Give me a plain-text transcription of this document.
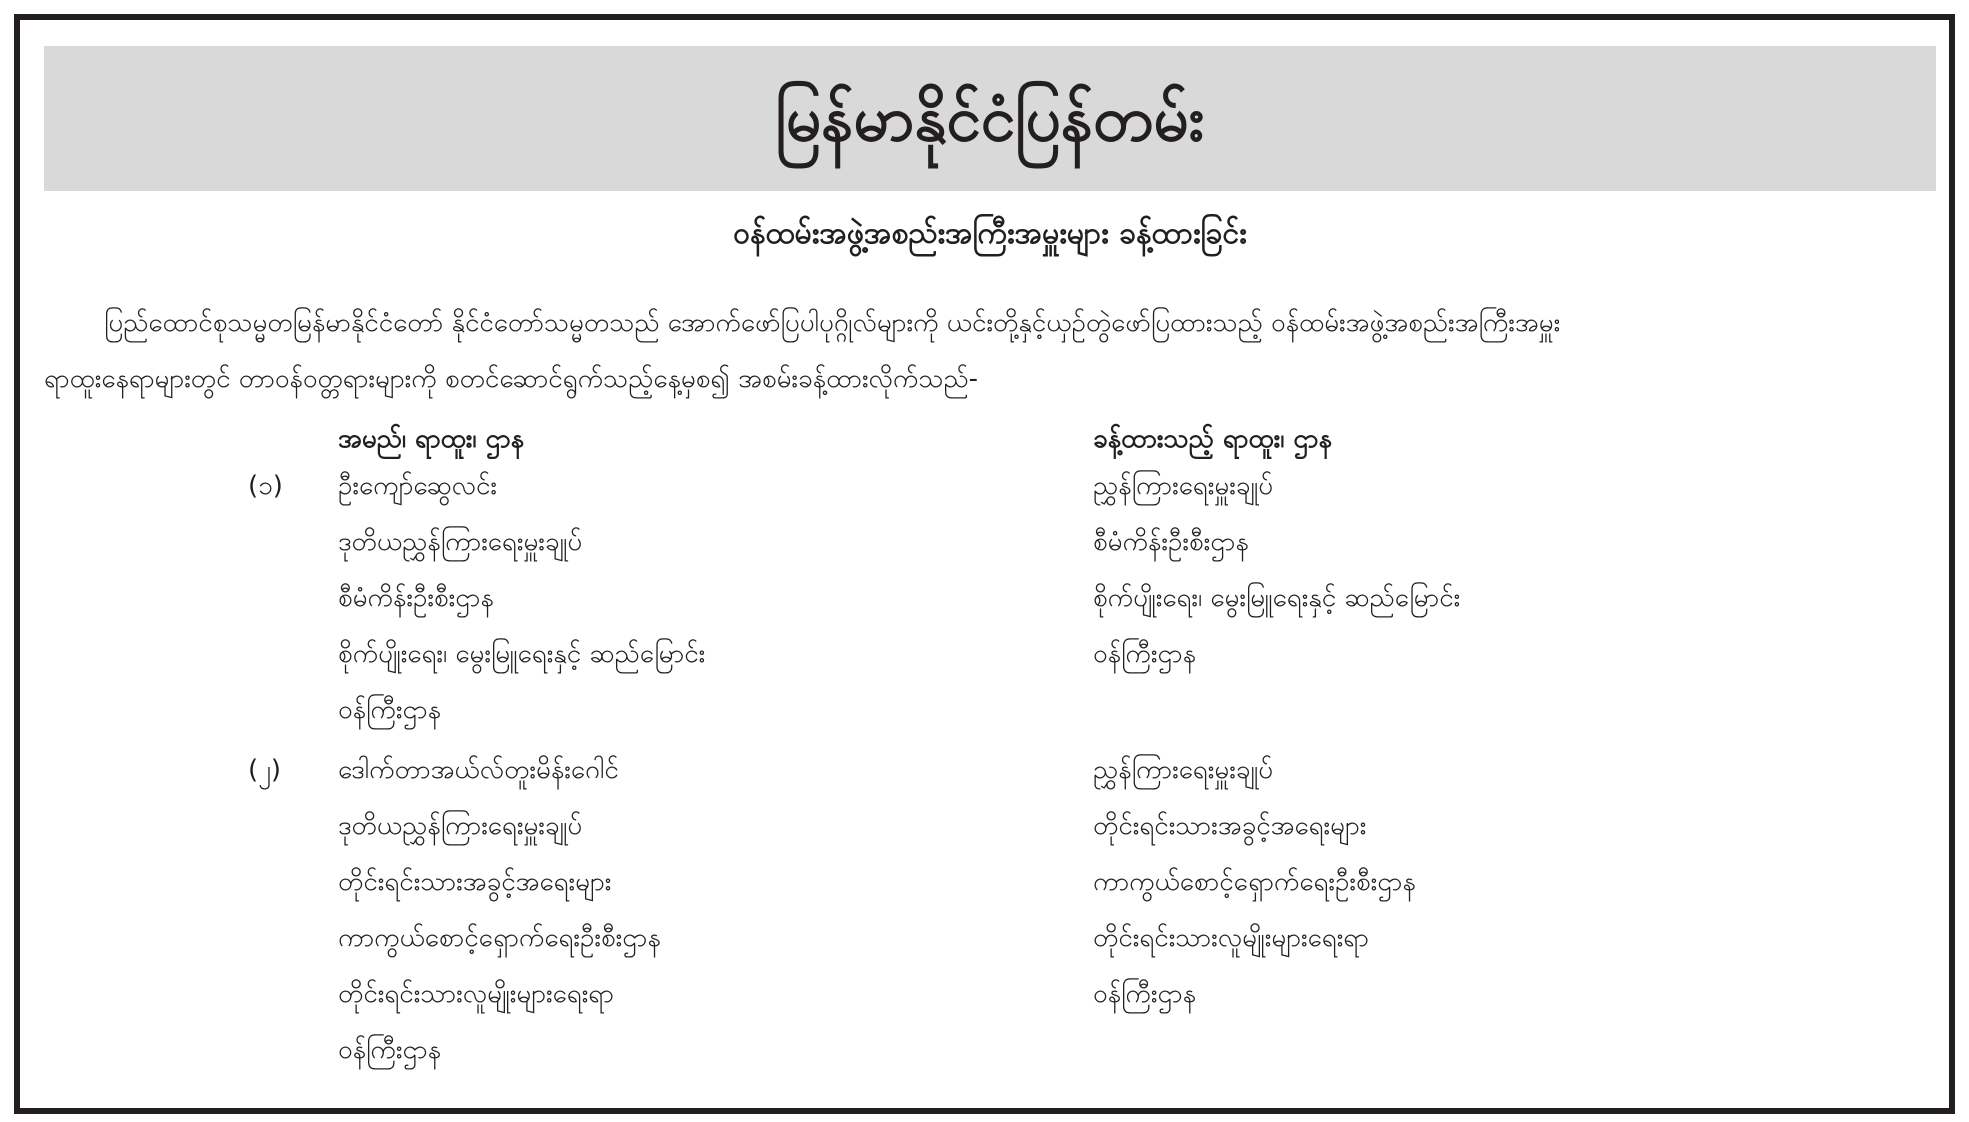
မြန်မာနိုင်ငံပြန်တမ်း
ဝန်ထမ်းအဖွဲ့အစည်းအကြီးအမှူးများ ခန့်ထားခြင်း
ပြည်ထောင်စုသမ္မတမြန်မာနိုင်ငံတော် နိုင်ငံတော်သမ္မတသည် အောက်ဖော်ပြပါပုဂ္ဂိုလ်များကို ယင်းတို့နှင့်ယှဉ်တွဲဖော်ပြထားသည့် ဝန်ထမ်းအဖွဲ့အစည်းအကြီးအမှူး
ရာထူးနေရာများတွင် တာဝန်ဝတ္တရားများကို စတင်ဆောင်ရွက်သည့်နေ့မှစ၍ အစမ်းခန့်ထားလိုက်သည်-
အမည်၊ ရာထူး၊ ဌာန	ခန့်ထားသည့် ရာထူး၊ ဌာန
(၁) ဦးကျော်ဆွေလင်း
ဒုတိယညွှန်ကြားရေးမှူးချုပ်
စီမံကိန်းဦးစီးဌာန
စိုက်ပျိုးရေး၊ မွေးမြူရေးနှင့် ဆည်မြောင်း
ဝန်ကြီးဌာန
ညွှန်ကြားရေးမှူးချုပ်
စီမံကိန်းဦးစီးဌာန
စိုက်ပျိုးရေး၊ မွေးမြူရေးနှင့် ဆည်မြောင်း
ဝန်ကြီးဌာန
(၂) ဒေါက်တာအယ်လ်တူးမိန်းဂေါင်
ဒုတိယညွှန်ကြားရေးမှူးချုပ်
တိုင်းရင်းသားအခွင့်အရေးများ
ကာကွယ်စောင့်ရှောက်ရေးဦးစီးဌာန
တိုင်းရင်းသားလူမျိုးများရေးရာ
ဝန်ကြီးဌာန
ညွှန်ကြားရေးမှူးချုပ်
တိုင်းရင်းသားအခွင့်အရေးများ
ကာကွယ်စောင့်ရှောက်ရေးဦးစီးဌာန
တိုင်းရင်းသားလူမျိုးများရေးရာ
ဝန်ကြီးဌာန
